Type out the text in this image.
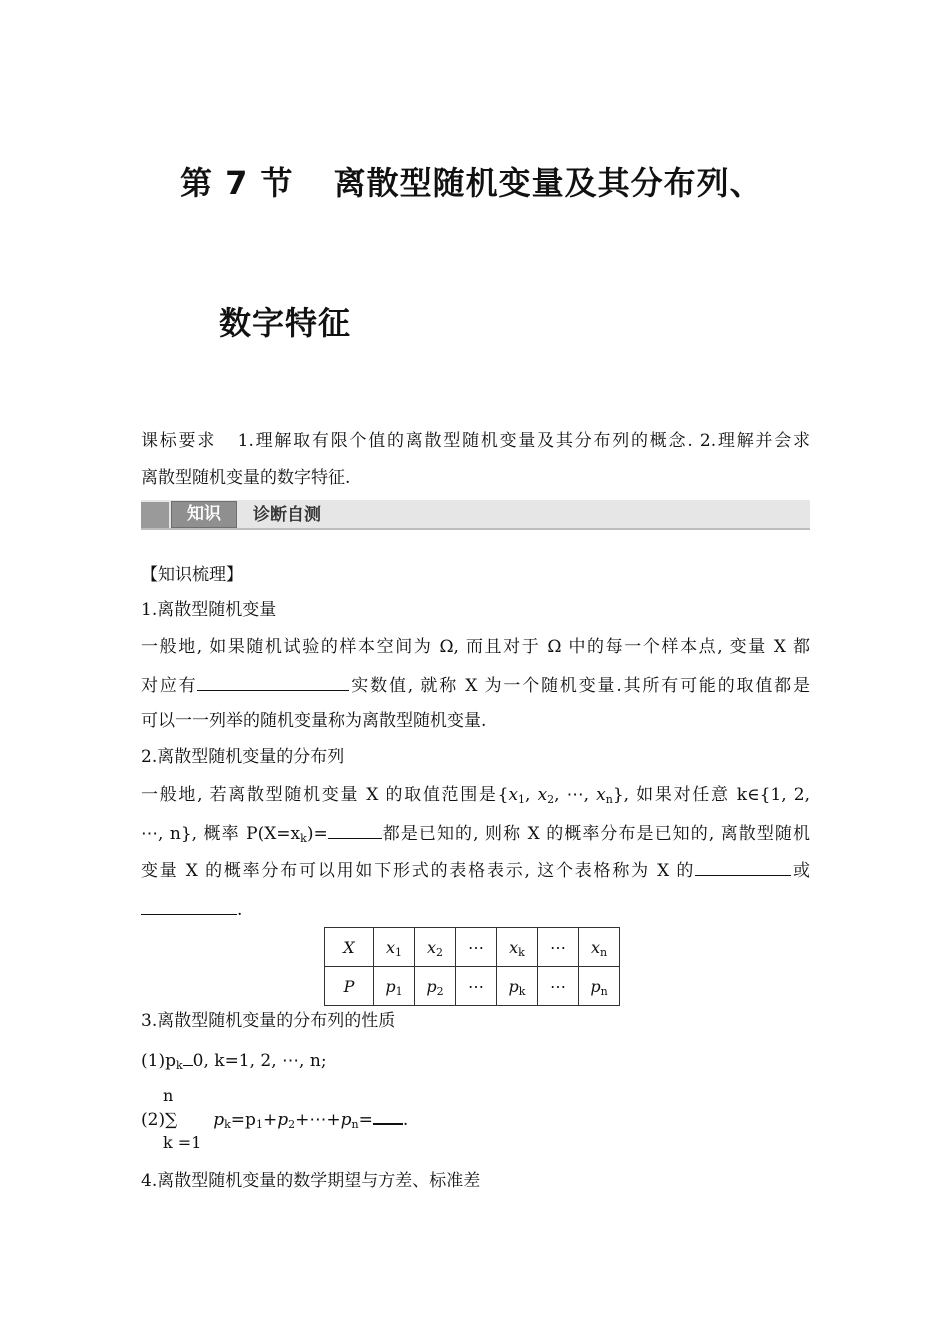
第 7 节 离散型随机变量及其分布列、
数字特征
课标要求 1.理解取有限个值的离散型随机变量及其分布列的概念. 2.理解并会求
离散型随机变量的数字特征.
知识	诊断自测
【知识梳理】
1.离散型随机变量
一般地, 如果随机试验的样本空间为 Ω, 而且对于 Ω 中的每一个样本点, 变量 X 都
对应有	实数值, 就称 X 为一个随机变量.其所有可能的取值都是
可以一一列举的随机变量称为离散型随机变量.
2.离散型随机变量的分布列
一般地, 若离散型随机变量 X 的取值范围是{$x_1$, $x_2$, ⋯, $x_n$}, 如果对任意 k∈{1, 2,
⋯, n}, 概率 $P(X=x_k)=$	都是已知的, 则称 X 的概率分布是已知的, 离散型随机
变量 X 的概率分布可以用如下形式的表格表示, 这个表格称为 X 的	或
.
X	$x_1$	$x_2$	⋯	$x_k$	⋯	$x_n$
P	$p_1$	$p_2$	⋯	$p_k$	⋯	$p_n$
3.离散型随机变量的分布列的性质
$(1)p_k$ 0, k=1, 2, ⋯, n;
n
(2)∑ $p_k=p_1+p_2+\cdots+p_n=$ .
k =1
4.离散型随机变量的数学期望与方差、标准差
